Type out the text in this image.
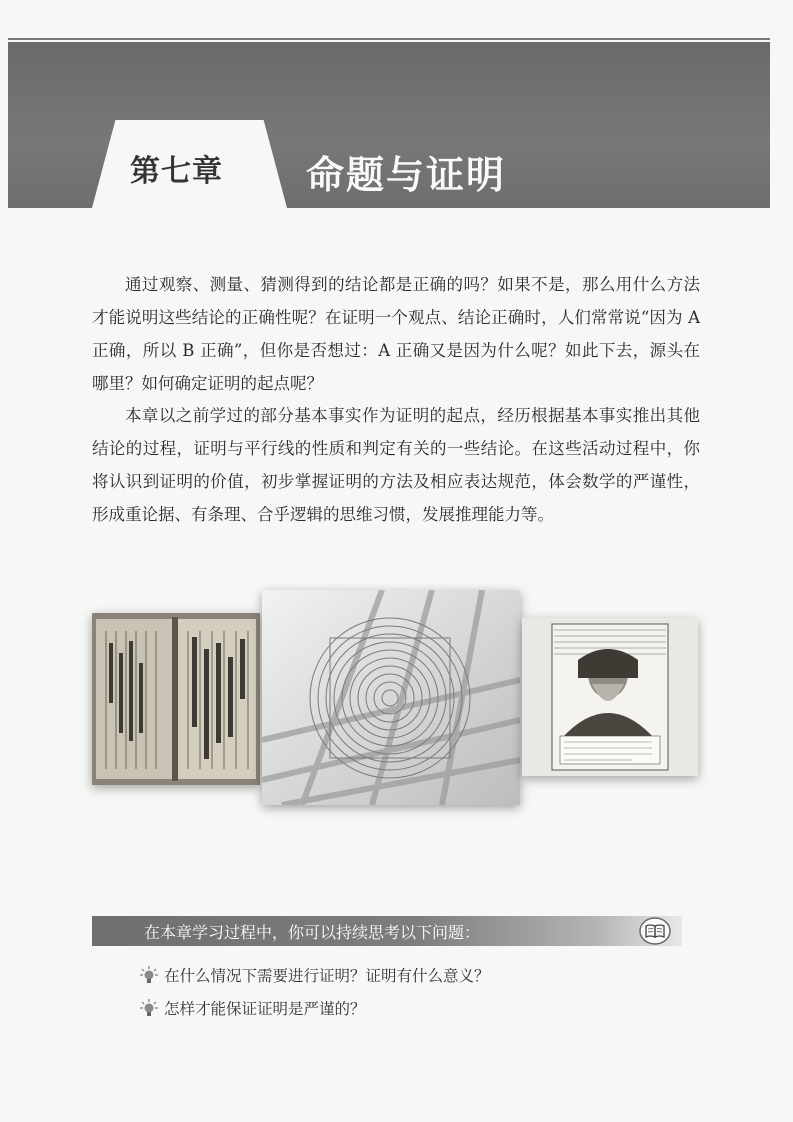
第七章 命题与证明

通过观察、测量、猜测得到的结论都是正确的吗？如果不是，那么用什么方法才能说明这些结论的正确性呢？在证明一个观点、结论正确时，人们常常说“因为 A 正确，所以 B 正确”，但你是否想过：A 正确又是因为什么呢？如此下去，源头在哪里？如何确定证明的起点呢？

本章以之前学过的部分基本事实作为证明的起点，经历根据基本事实推出其他结论的过程，证明与平行线的性质和判定有关的一些结论。在这些活动过程中，你将认识到证明的价值，初步掌握证明的方法及相应表达规范，体会数学的严谨性，形成重论据、有条理、合乎逻辑的思维习惯，发展推理能力等。

在本章学习过程中，你可以持续思考以下问题：
在什么情况下需要进行证明？证明有什么意义？
怎样才能保证证明是严谨的？
